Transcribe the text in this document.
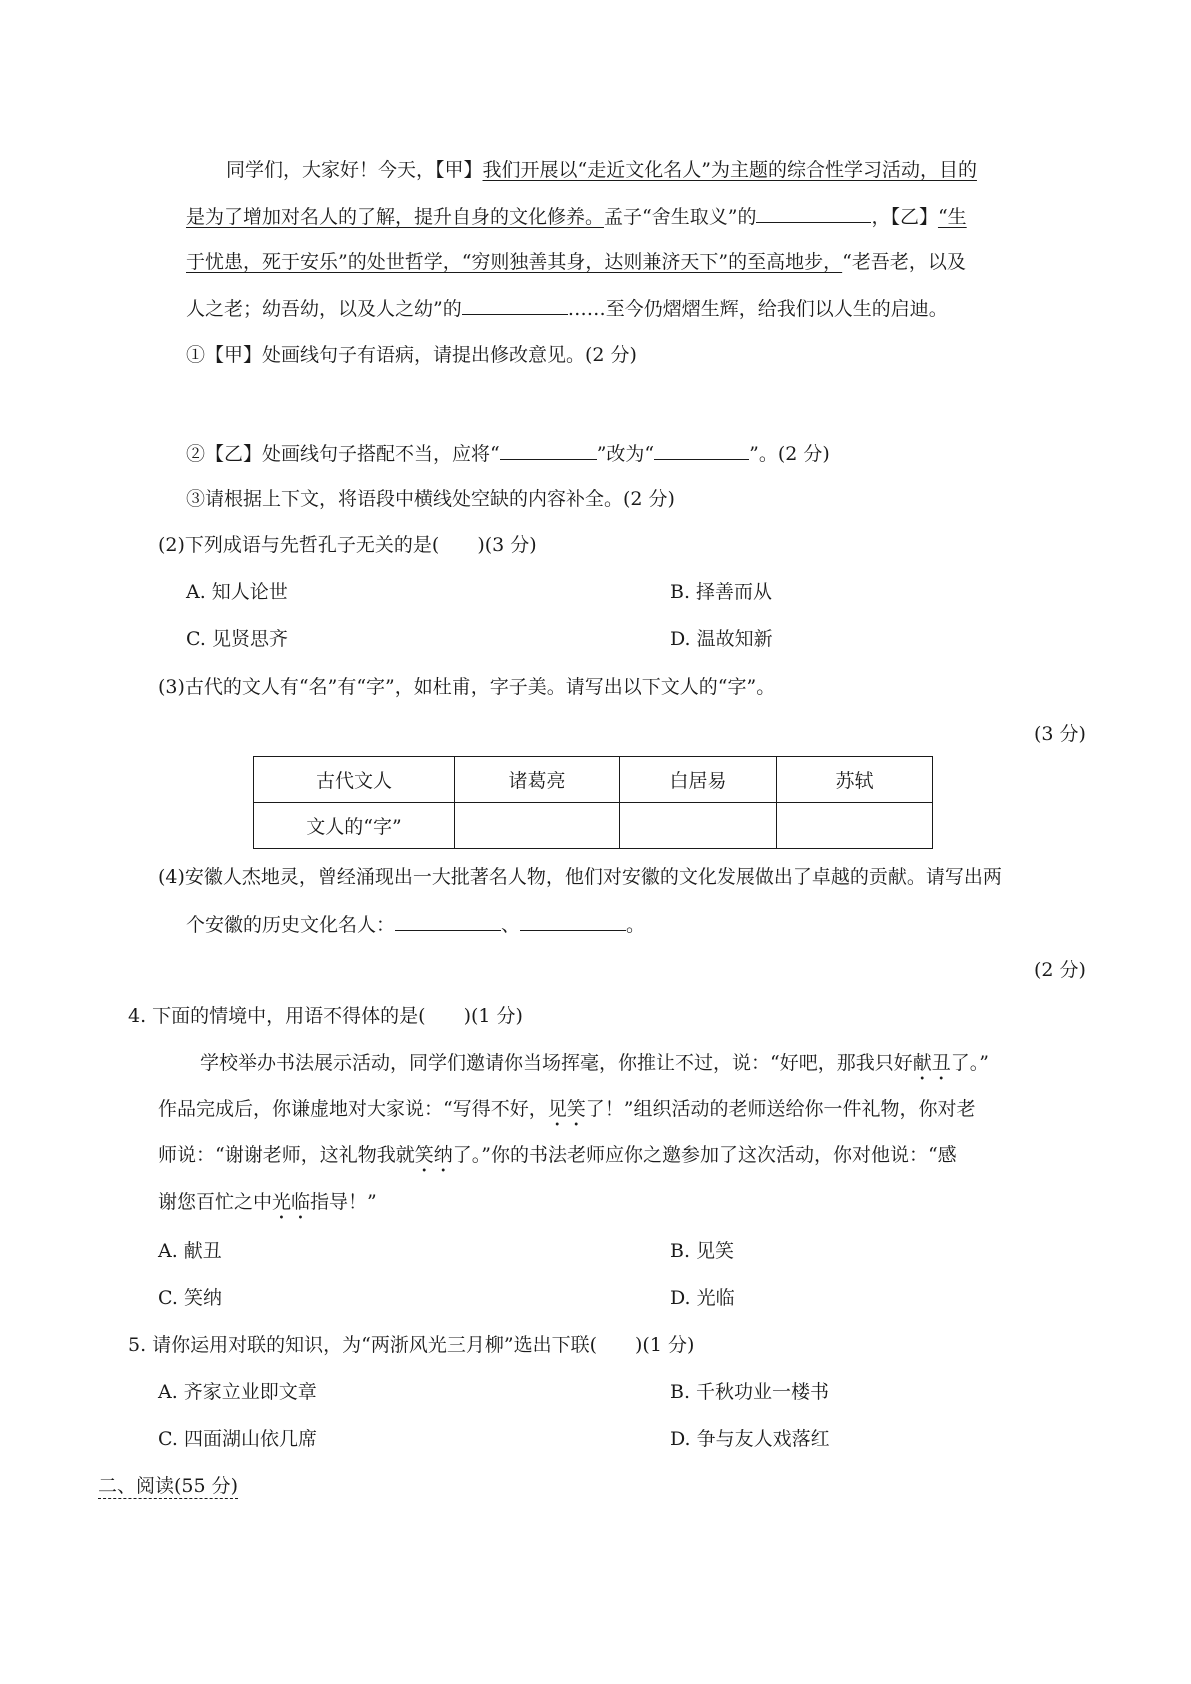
同学们，大家好！今天，【甲】我们开展以“走近文化名人”为主题的综合性学习活动，目的
是为了增加对名人的了解，提升自身的文化修养。孟子“舍生取义”的	，【乙】“生
于忧患，死于安乐”的处世哲学，“穷则独善其身，达则兼济天下”的至高地步，“老吾老，以及
人之老；幼吾幼，以及人之幼”的	……至今仍熠熠生辉，给我们以人生的启迪。
①【甲】处画线句子有语病，请提出修改意见。(2 分)
②【乙】处画线句子搭配不当，应将“	”改为“	”。(2 分)
③请根据上下文，将语段中横线处空缺的内容补全。(2 分)
(2)下列成语与先哲孔子无关的是(　　)(3 分)
A. 知人论世	B. 择善而从
C. 见贤思齐	D. 温故知新
(3)古代的文人有“名”有“字”，如杜甫，字子美。请写出以下文人的“字”。
(3 分)
古代文人	诸葛亮	白居易	苏轼
文人的“字”			
(4)安徽人杰地灵，曾经涌现出一大批著名人物，他们对安徽的文化发展做出了卓越的贡献。请写出两
个安徽的历史文化名人：	、	。
(2 分)
4. 下面的情境中，用语不得体的是(　　)(1 分)
学校举办书法展示活动，同学们邀请你当场挥毫，你推让不过，说：“好吧，那我只好献丑了。”
作品完成后，你谦虚地对大家说：“写得不好，见笑了！”组织活动的老师送给你一件礼物，你对老
师说：“谢谢老师，这礼物我就笑纳了。”你的书法老师应你之邀参加了这次活动，你对他说：“感
谢您百忙之中光临指导！”
A. 献丑	B. 见笑
C. 笑纳	D. 光临
5. 请你运用对联的知识，为“两浙风光三月柳”选出下联(　　)(1 分)
A. 齐家立业即文章	B. 千秋功业一楼书
C. 四面湖山依几席	D. 争与友人戏落红
二、阅读(55 分)
